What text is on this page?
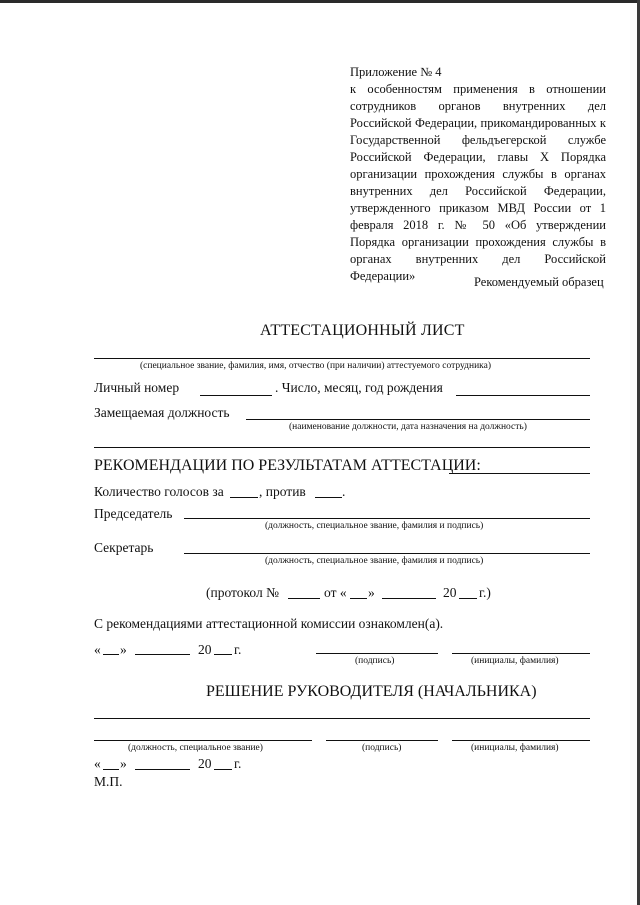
Приложение № 4
к особенностям применения в отношении сотрудников органов внутренних дел Российской Федерации, прикомандированных к Государственной фельдъегерской службе Российской Федерации, главы X Порядка организации прохождения службы в органах внутренних дел Российской Федерации, утвержденного приказом МВД России от 1 февраля 2018 г. № 50 «Об утверждении Порядка организации прохождения службы в органах внутренних дел Российской Федерации»	Рекомендуемый образец
АТТЕСТАЦИОННЫЙ ЛИСТ
(специальное звание, фамилия, имя, отчество (при наличии) аттестуемого сотрудника)
Личный номер	. Число, месяц, год рождения
Замещаемая должность
(наименование должности, дата назначения на должность)
РЕКОМЕНДАЦИИ ПО РЕЗУЛЬТАТАМ АТТЕСТАЦИИ:
Количество голосов за	, против	.
Председатель
(должность, специальное звание, фамилия и подпись)
Секретарь
(должность, специальное звание, фамилия и подпись)
(протокол №	от « »	20 г.)
С рекомендациями аттестационной комиссии ознакомлен(а).
« »	20 г.
(подпись)	(инициалы, фамилия)
РЕШЕНИЕ РУКОВОДИТЕЛЯ (НАЧАЛЬНИКА)
(должность, специальное звание)	(подпись)	(инициалы, фамилия)
« »	20 г.
М.П.
